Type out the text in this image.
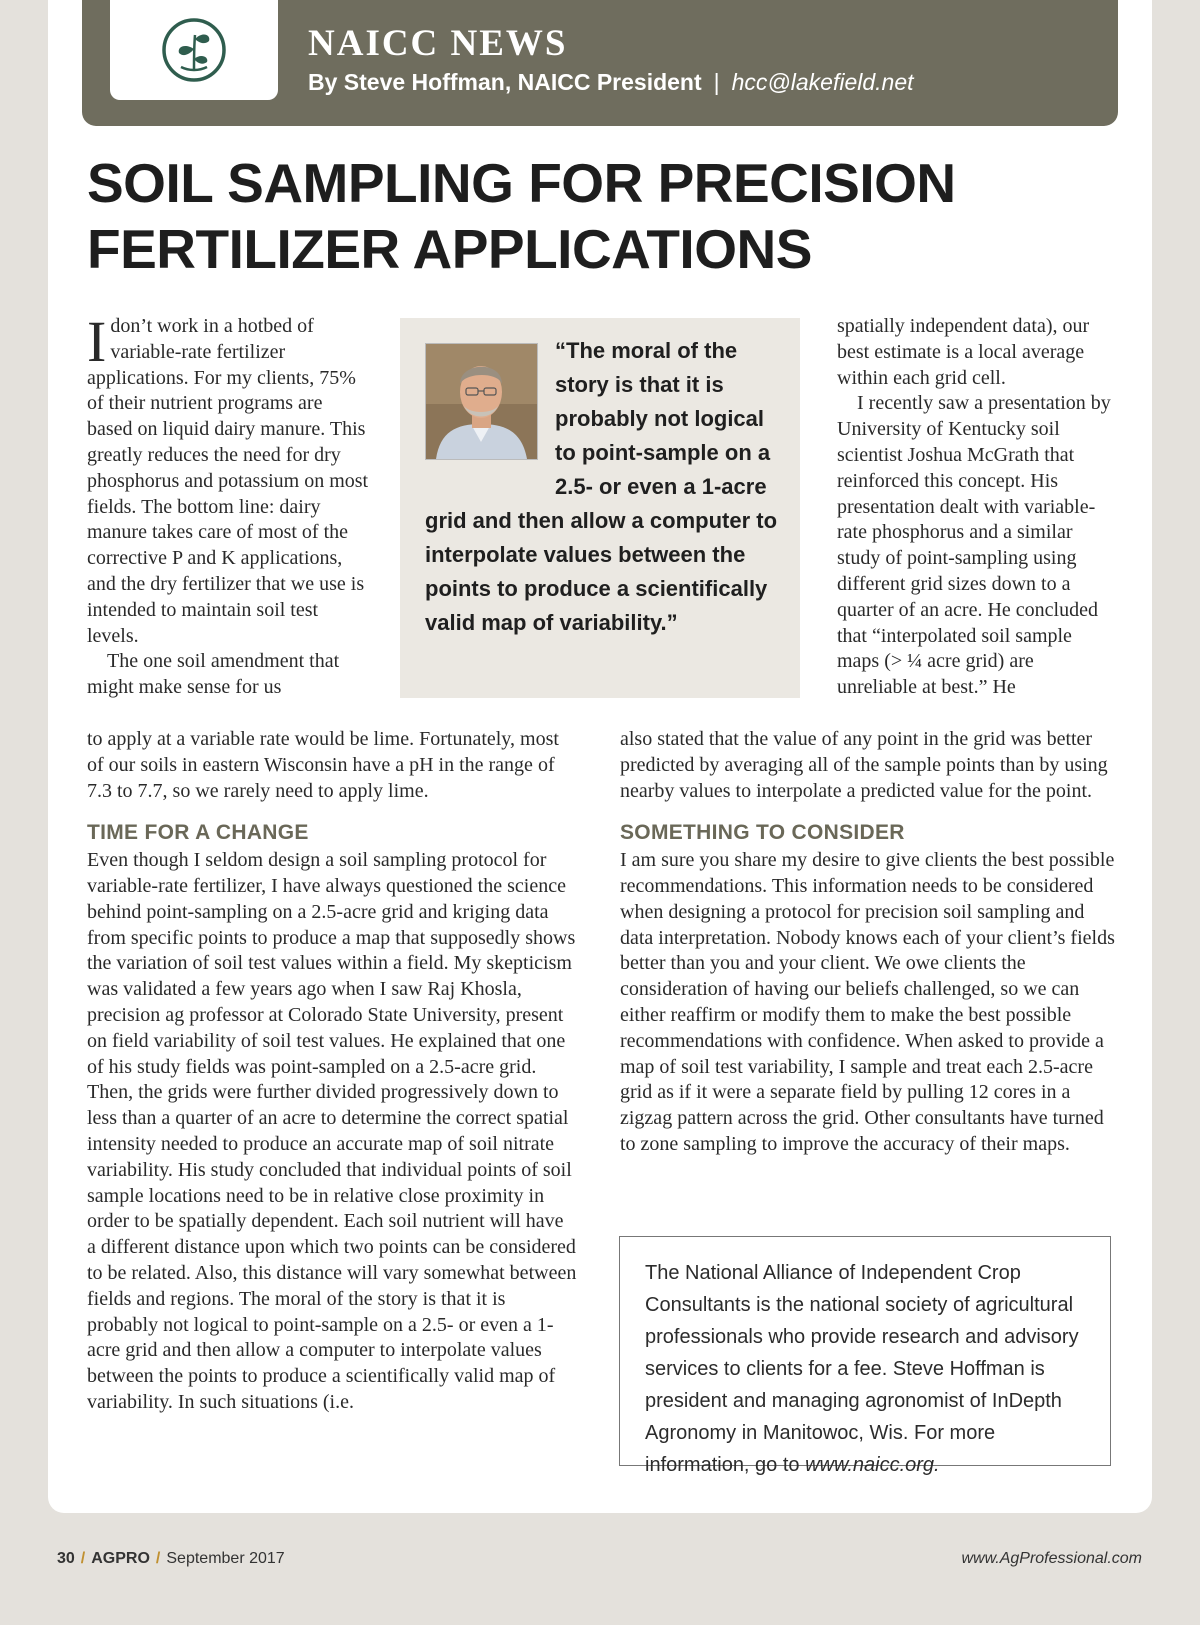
NAICC NEWS
By Steve Hoffman, NAICC President | hcc@lakefield.net
SOIL SAMPLING FOR PRECISION FERTILIZER APPLICATIONS

Idon’t work in a hotbed of variable-rate fertilizer applications. For my clients, 75% of their nutrient programs are based on liquid dairy manure. This greatly reduces the need for dry phosphorus and potassium on most fields. The bottom line: dairy manure takes care of most of the corrective P and K applications, and the dry fertilizer that we use is intended to maintain soil test levels.

The one soil amendment that might make sense for us

“The moral of the story is that it is probably not logical to point-sample on a 2.5- or even a 1-acre grid and then allow a computer to interpolate values between the points to produce a scientifically valid map of variability.”

to apply at a variable rate would be lime. Fortunately, most of our soils in eastern Wisconsin have a pH in the range of 7.3 to 7.7, so we rarely need to apply lime.

TIME FOR A CHANGE

Even though I seldom design a soil sampling protocol for variable-rate fertilizer, I have always questioned the science behind point-sampling on a 2.5-acre grid and kriging data from specific points to produce a map that supposedly shows the variation of soil test values within a field. My skepticism was validated a few years ago when I saw Raj Khosla, precision ag professor at Colorado State University, present on field variability of soil test values. He explained that one of his study fields was point-sampled on a 2.5-acre grid. Then, the grids were further divided progressively down to less than a quarter of an acre to determine the correct spatial intensity needed to produce an accurate map of soil nitrate variability. His study concluded that individual points of soil sample locations need to be in relative close proximity in order to be spatially dependent. Each soil nutrient will have a different distance upon which two points can be considered to be related. Also, this distance will vary somewhat between fields and regions. The moral of the story is that it is probably not logical to point-sample on a 2.5- or even a 1-acre grid and then allow a computer to interpolate values between the points to produce a scientifically valid map of variability. In such situations (i.e.

spatially independent data), our best estimate is a local average within each grid cell.

I recently saw a presentation by University of Kentucky soil scientist Joshua McGrath that reinforced this concept. His presentation dealt with variable-rate phosphorus and a similar study of point-sampling using different grid sizes down to a quarter of an acre. He concluded that “interpolated soil sample maps (> ¼ acre grid) are unreliable at best.” He

also stated that the value of any point in the grid was better predicted by averaging all of the sample points than by using nearby values to interpolate a predicted value for the point.

SOMETHING TO CONSIDER

I am sure you share my desire to give clients the best possible recommendations. This information needs to be considered when designing a protocol for precision soil sampling and data interpretation. Nobody knows each of your client’s fields better than you and your client. We owe clients the consideration of having our beliefs challenged, so we can either reaffirm or modify them to make the best possible recommendations with confidence. When asked to provide a map of soil test variability, I sample and treat each 2.5-acre grid as if it were a separate field by pulling 12 cores in a zigzag pattern across the grid. Other consultants have turned to zone sampling to improve the accuracy of their maps.

The National Alliance of Independent Crop Consultants is the national society of agricultural professionals who provide research and advisory services to clients for a fee. Steve Hoffman is president and managing agronomist of InDepth Agronomy in Manitowoc, Wis. For more information, go to www.naicc.org.

30 / AGPRO / September 2017	www.AgProfessional.com
